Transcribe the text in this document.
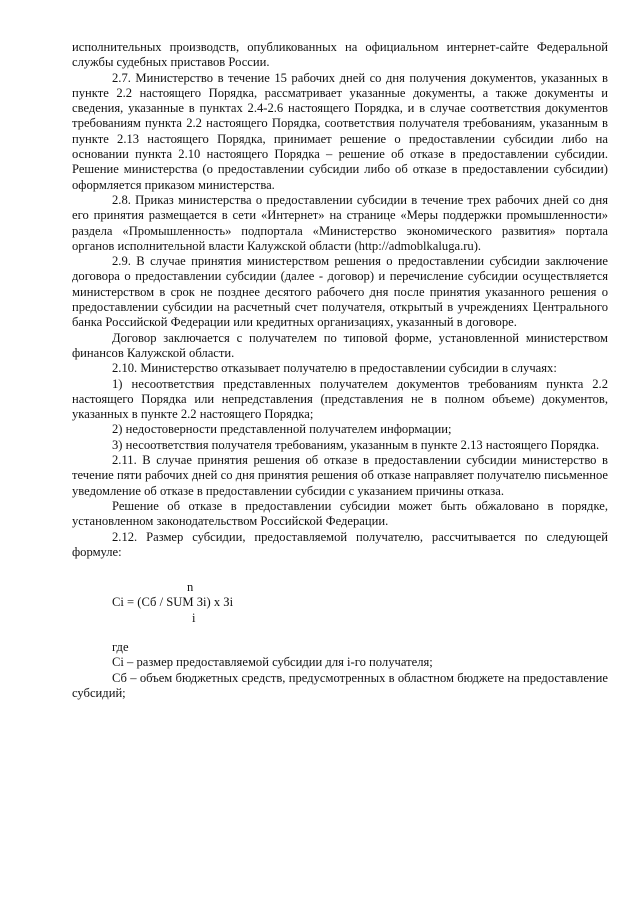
исполнительных производств, опубликованных на официальном интернет-сайте Федеральной службы судебных приставов России.

2.7. Министерство в течение 15 рабочих дней со дня получения документов, указанных в пункте 2.2 настоящего Порядка, рассматривает указанные документы, а также документы и сведения, указанные в пунктах 2.4-2.6 настоящего Порядка, и в случае соответствия документов требованиям пункта 2.2 настоящего Порядка, соответствия получателя требованиям, указанным в пункте 2.13 настоящего Порядка, принимает решение о предоставлении субсидии либо на основании пункта 2.10 настоящего Порядка – решение об отказе в предоставлении субсидии. Решение министерства (о предоставлении субсидии либо об отказе в предоставлении субсидии) оформляется приказом министерства.

2.8. Приказ министерства о предоставлении субсидии в течение трех рабочих дней со дня его принятия размещается в сети «Интернет» на странице «Меры поддержки промышленности» раздела «Промышленность» подпортала «Министерство экономического развития» портала органов исполнительной власти Калужской области (http://admoblkaluga.ru).

2.9. В случае принятия министерством решения о предоставлении субсидии заключение договора о предоставлении субсидии (далее - договор) и перечисление субсидии осуществляется министерством в срок не позднее десятого рабочего дня после принятия указанного решения о предоставлении субсидии на расчетный счет получателя, открытый в учреждениях Центрального банка Российской Федерации или кредитных организациях, указанный в договоре.

Договор заключается с получателем по типовой форме, установленной министерством финансов Калужской области.

2.10. Министерство отказывает получателю в предоставлении субсидии в случаях:

1) несоответствия представленных получателем документов требованиям пункта 2.2 настоящего Порядка или непредставления (представления не в полном объеме) документов, указанных в пункте 2.2 настоящего Порядка;

2) недостоверности представленной получателем информации;

3) несоответствия получателя требованиям, указанным в пункте 2.13 настоящего Порядка.

2.11. В случае принятия решения об отказе в предоставлении субсидии министерство в течение пяти рабочих дней со дня принятия решения об отказе направляет получателю письменное уведомление об отказе в предоставлении субсидии с указанием причины отказа.

Решение об отказе в предоставлении субсидии может быть обжаловано в порядке, установленном законодательством Российской Федерации.

2.12. Размер субсидии, предоставляемой получателю, рассчитывается по следующей формуле:

n
Ci = (Сб / SUM Зi) x Зi
i

где

Ci – размер предоставляемой субсидии для i-го получателя;

Сб – объем бюджетных средств, предусмотренных в областном бюджете на предоставление субсидий;
